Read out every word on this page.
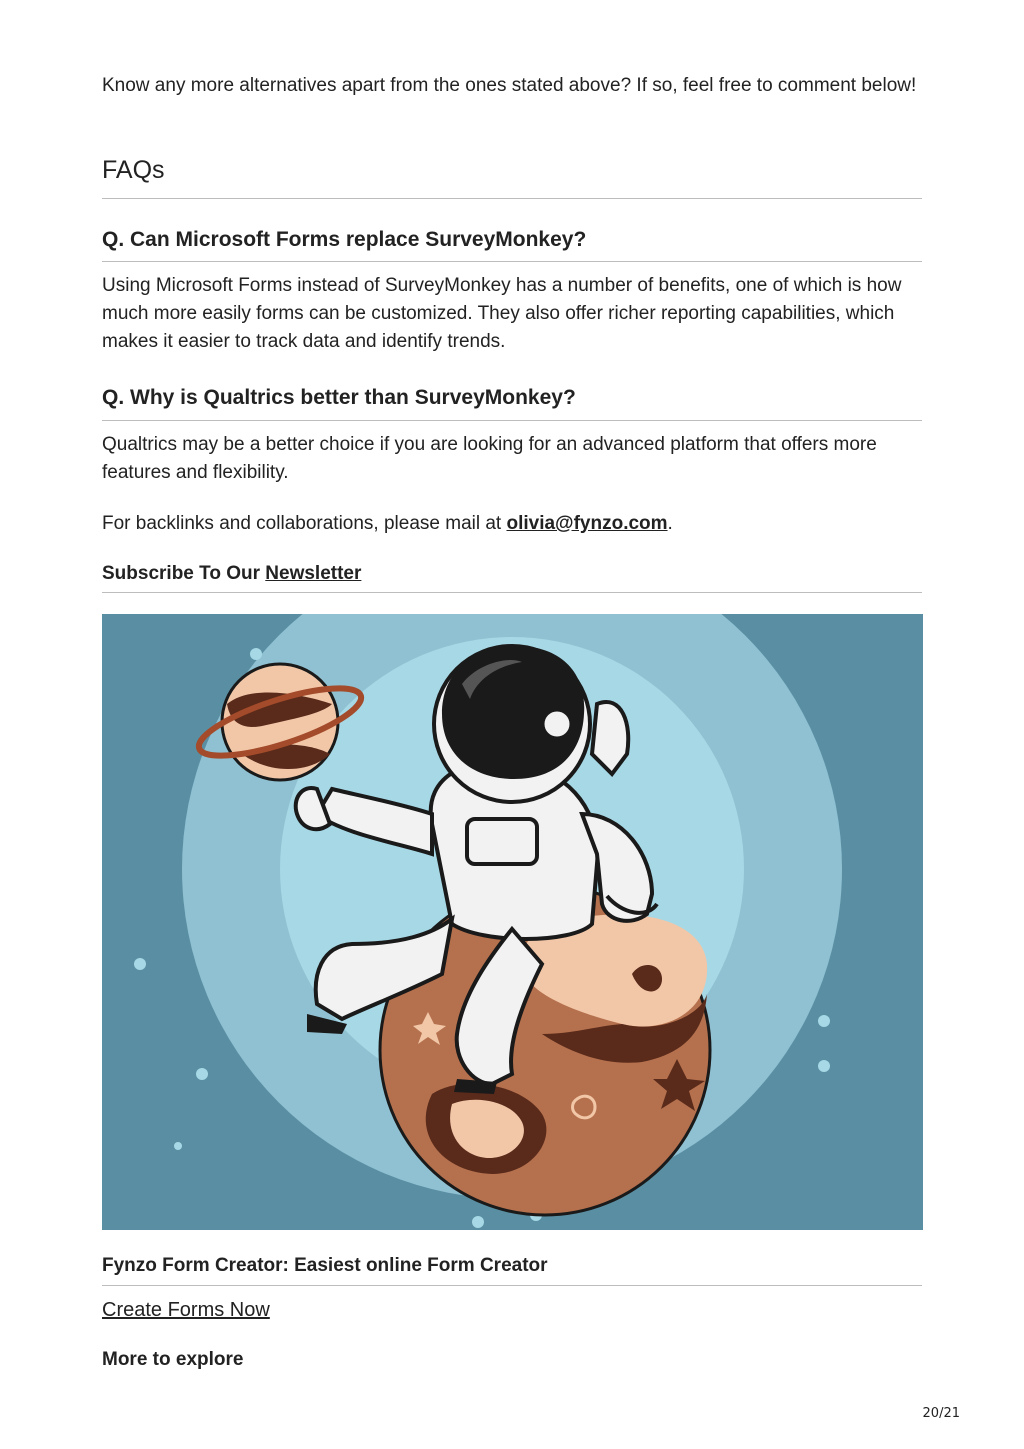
Know any more alternatives apart from the ones stated above? If so, feel free to comment below!

FAQs
Q. Can Microsoft Forms replace SurveyMonkey?

Using Microsoft Forms instead of SurveyMonkey has a number of benefits, one of which is how much more easily forms can be customized. They also offer richer reporting capabilities, which makes it easier to track data and identify trends.

Q. Why is Qualtrics better than SurveyMonkey?

Qualtrics may be a better choice if you are looking for an advanced platform that offers more features and flexibility.

For backlinks and collaborations, please mail at olivia@fynzo.com.

Subscribe To Our Newsletter

Fynzo Form Creator: Easiest online Form Creator

Create Forms Now

More to explore

20/21
